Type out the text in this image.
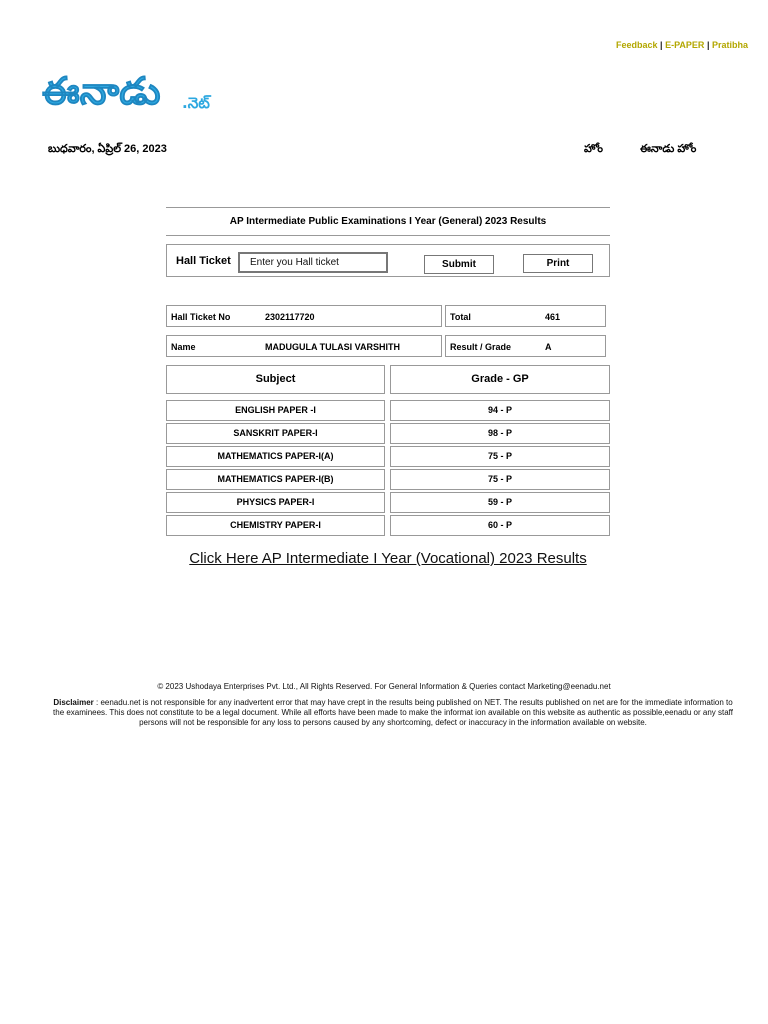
Feedback | E-PAPER | Pratibha
ఈనాడు .నెట్
బుధవారం, ఏప్రిల్ 26, 2023	హోం	ఈనాడు హోం
AP Intermediate Public Examinations I Year (General) 2023 Results
Hall Ticket
Enter you Hall ticket	Submit	Print
Hall Ticket No	2302117720	Total	461
Name	MADUGULA TULASI VARSHITH	Result / Grade	A
Subject	Grade - GP
ENGLISH PAPER -I	94 - P
SANSKRIT PAPER-I	98 - P
MATHEMATICS PAPER-I(A)	75 - P
MATHEMATICS PAPER-I(B)	75 - P
PHYSICS PAPER-I	59 - P
CHEMISTRY PAPER-I	60 - P
Click Here AP Intermediate I Year (Vocational) 2023 Results
© 2023 Ushodaya Enterprises Pvt. Ltd., All Rights Reserved. For General Information & Queries contact Marketing@eenadu.net
Disclaimer : eenadu.net is not responsible for any inadvertent error that may have crept in the results being published on NET. The results published on net are for the immediate information to the examinees. This does not constitute to be a legal document. While all efforts have been made to make the informat ion available on this website as authentic as possible,eenadu or any staff persons will not be responsible for any loss to persons caused by any shortcoming, defect or inaccuracy in the information available on website.
